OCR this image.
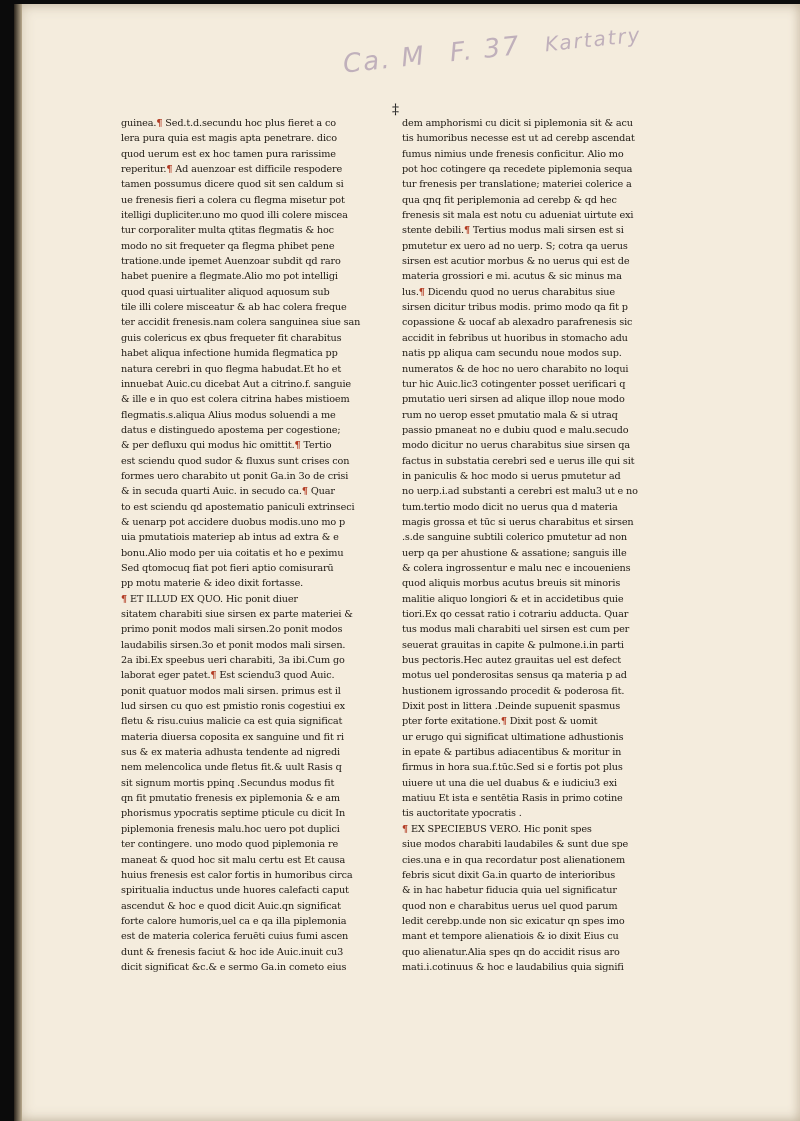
Ca. M F. 37 Kartatry
‡
guinea.¶ Sed.t.d.secundu hoc plus fieret a co
lera pura quia est magis apta penetrare. dico
quod uerum est ex hoc tamen pura rarissime
reperitur.¶ Ad auenzoar est difficile respodere
tamen possumus dicere quod sit sen caldum si
ue frenesis fieri a colera cu flegma misetur pot
itelligi dupliciter.uno mo quod illi colere miscea
tur corporaliter multa qtitas flegmatis & hoc
modo no sit frequeter qa flegma phibet pene
tratione.unde ipemet Auenzoar subdit qd raro
habet puenire a flegmate.Alio mo pot intelligi
quod quasi uirtualiter aliquod aquosum sub
tile illi colere misceatur & ab hac colera freque
ter accidit frenesis.nam colera sanguinea siue san
guis colericus ex qbus frequeter fit charabitus
habet aliqua infectione humida flegmatica pp
natura cerebri in quo flegma habudat.Et ho et
innuebat Auic.cu dicebat Aut a citrino.f. sanguie
& ille e in quo est colera citrina habes mistioem
flegmatis.s.aliqua Alius modus soluendi a me
datus e distinguedo apostema per cogestione;
& per defluxu qui modus hic omittit.¶ Tertio
est sciendu quod sudor & fluxus sunt crises con
formes uero charabito ut ponit Ga.in 3o de crisi
& in secuda quarti Auic. in secudo ca.¶ Quar
to est sciendu qd apostematio paniculi extrinseci
& uenarp pot accidere duobus modis.uno mo p
uia pmutatiois materiep ab intus ad extra & e
bonu.Alio modo per uia coitatis et ho e peximu
Sed qtomocuq fiat pot fieri aptio comisurarū
pp motu materie & ideo dixit fortasse.
¶ ET ILLUD EX QUO. Hic ponit diuer
sitatem charabiti siue sirsen ex parte materiei &
primo ponit modos mali sirsen.2o ponit modos
laudabilis sirsen.3o et ponit modos mali sirsen.
2a ibi.Ex speebus ueri charabiti, 3a ibi.Cum go
laborat eger patet.¶ Est sciendu3 quod Auic.
ponit quatuor modos mali sirsen. primus est il
lud sirsen cu quo est pmistio ronis cogestiui ex
fletu & risu.cuius malicie ca est quia significat
materia diuersa coposita ex sanguine und fit ri
sus & ex materia adhusta tendente ad nigredi
nem melencolica unde fletus fit.& uult Rasis q
sit signum mortis ppinq .Secundus modus fit
qn fit pmutatio frenesis ex piplemonia & e am
phorismus ypocratis septime pticule cu dicit In
piplemonia frenesis malu.hoc uero pot duplici
ter contingere. uno modo quod piplemonia re
maneat & quod hoc sit malu certu est Et causa
huius frenesis est calor fortis in humoribus circa
spiritualia inductus unde huores calefacti caput
ascendut & hoc e quod dicit Auic.qn significat
forte calore humoris,uel ca e qa illa piplemonia
est de materia colerica feruēti cuius fumi ascen
dunt & frenesis faciut & hoc ide Auic.inuit cu3
dicit significat &c.& e sermo Ga.in cometo eius
dem amphorismi cu dicit si piplemonia sit & acu
tis humoribus necesse est ut ad cerebp ascendat
fumus nimius unde frenesis conficitur. Alio mo
pot hoc cotingere qa recedete piplemonia sequa
tur frenesis per translatione; materiei colerice a
qua qnq fit periplemonia ad cerebp & qd hec
frenesis sit mala est notu cu adueniat uirtute exi
stente debili.¶ Tertius modus mali sirsen est si
pmutetur ex uero ad no uerp. S; cotra qa uerus
sirsen est acutior morbus & no uerus qui est de
materia grossiori e mi. acutus & sic minus ma
lus.¶ Dicendu quod no uerus charabitus siue
sirsen dicitur tribus modis. primo modo qa fit p
copassione & uocaf ab alexadro parafrenesis sic
accidit in febribus ut huoribus in stomacho adu
natis pp aliqua cam secundu noue modos sup.
numeratos & de hoc no uero charabito no loqui
tur hic Auic.lic3 cotingenter posset uerificari q
pmutatio ueri sirsen ad alique illop noue modo
rum no uerop esset pmutatio mala & si utraq
passio pmaneat no e dubiu quod e malu.secudo
modo dicitur no uerus charabitus siue sirsen qa
factus in substatia cerebri sed e uerus ille qui sit
in paniculis & hoc modo si uerus pmutetur ad
no uerp.i.ad substanti a cerebri est malu3 ut e no
tum.tertio modo dicit no uerus qua d materia
magis grossa et tūc si uerus charabitus et sirsen
.s.de sanguine subtili colerico pmutetur ad non
uerp qa per ahustione & assatione; sanguis ille
& colera ingrossentur e malu nec e incoueniens
quod aliquis morbus acutus breuis sit minoris
malitie aliquo longiori & et in accidetibus quie
tiori.Ex qo cessat ratio i cotrariu adducta. Quar
tus modus mali charabiti uel sirsen est cum per
seuerat grauitas in capite & pulmone.i.in parti
bus pectoris.Hec autez grauitas uel est defect
motus uel ponderositas sensus qa materia p ad
hustionem igrossando procedit & poderosa fit.
Dixit post in littera .Deinde supuenit spasmus
pter forte exitatione.¶ Dixit post & uomit
ur erugo qui significat ultimatione adhustionis
in epate & partibus adiacentibus & moritur in
firmus in hora sua.f.tūc.Sed si e fortis pot plus
uiuere ut una die uel duabus & e iudiciu3 exi
matiuu Et ista e sentētia Rasis in primo cotine
tis auctoritate ypocratis .
¶ EX SPECIEBUS VERO. Hic ponit spes
siue modos charabiti laudabiles & sunt due spe
cies.una e in qua recordatur post alienationem
febris sicut dixit Ga.in quarto de interioribus
& in hac habetur fiducia quia uel significatur
quod non e charabitus uerus uel quod parum
ledit cerebp.unde non sic exicatur qn spes imo
mant et tempore alienatiois & io dixit Eius cu
quo alienatur.Alia spes qn do accidit risus aro
mati.i.cotinuus & hoc e laudabilius quia signifi
